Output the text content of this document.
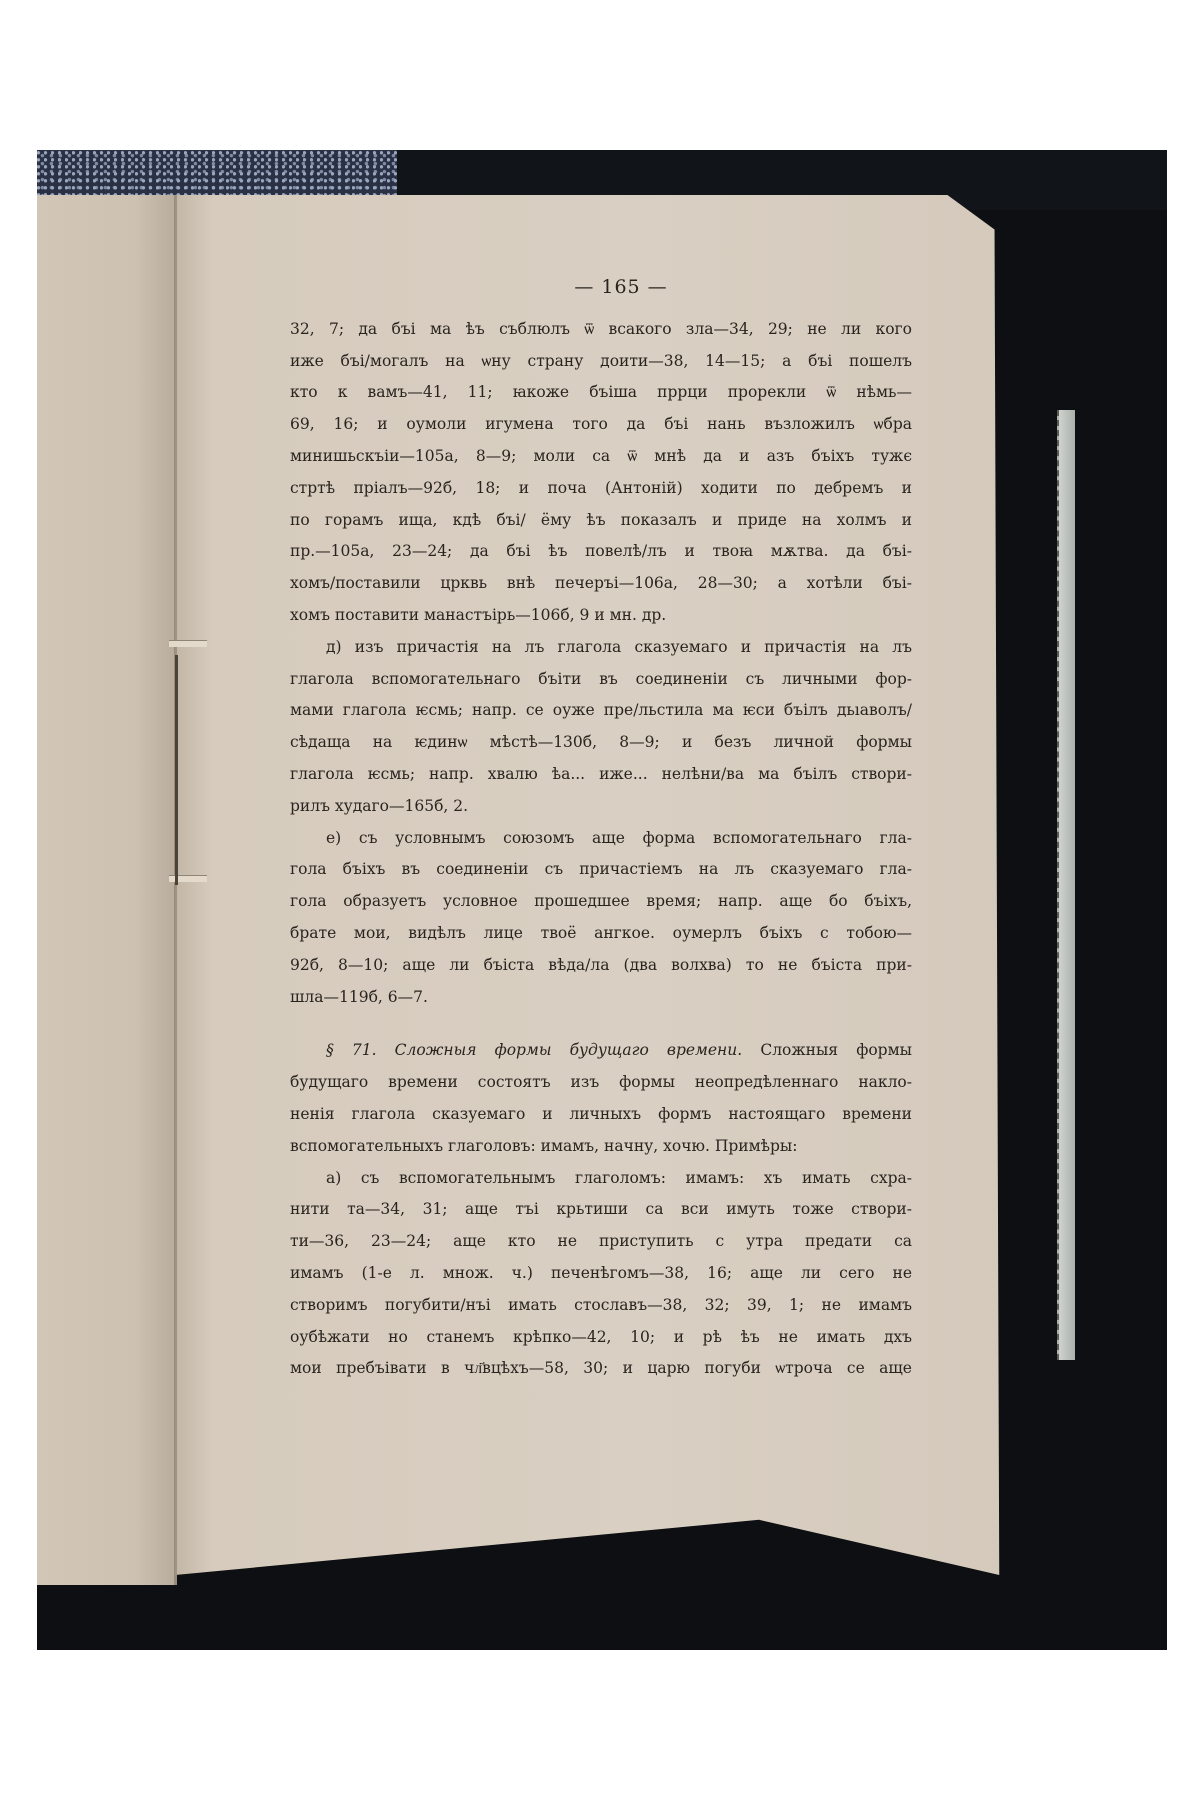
— 165 —
32, 7; да бъі ма ѣъ съблюлъ ѿ всакого зла—34, 29; не ли кого
иже бъі/могалъ на ѡну страну доити—38, 14—15; а бъі пошелъ
кто к вамъ—41, 11; ꙗкоже бъіша пррци прорекли ѿ нѣмь—
69, 16; и оумоли игумена того да бъі нань възложилъ ѡбра
минишьскъіи—105а, 8—9; моли са ѿ мнѣ да и азъ бъіхъ тужє
стртѣ прiалъ—92б, 18; и поча (Антоній) ходити по дебремъ и
по горамъ ища, кдѣ бъі/ ёму ѣъ показалъ и приде на холмъ и
пр.—105а, 23—24; да бъі ѣъ повелѣ/лъ и твоꙗ мѫтва. да бъі-
хомъ/поставили црквь внѣ печеръі—106а, 28—30; а хотѣли бъі-
хомъ поставити манастъірь—106б, 9 и мн. др.
д) изъ причастія на лъ глагола сказуемаго и причастія на лъ
глагола вспомогательнаго бъіти въ соединеніи съ личными фор-
мами глагола ѥсмь; напр. се оуже пре/льстила ма ѥси бъілъ дьıаволъ/
сѣдаща на ѥдинѡ мѣстѣ—130б, 8—9; и безъ личной формы
глагола ѥсмь; напр. хвалю ѣа... иже... нелѣни/ва ма бъілъ створи-
рилъ худаго—165б, 2.
е) съ условнымъ союзомъ аще форма вспомогательнаго гла-
гола бъіхъ въ соединеніи съ причастіемъ на лъ сказуемаго гла-
гола образуетъ условное прошедшее время; напр. аще бо бъіхъ,
брате мои, видѣлъ лице твоё ангкое. оумерлъ бъіхъ с тобою—
92б, 8—10; аще ли бъіста вѣда/ла (два волхва) то не бъіста при-
шла—119б, 6—7.
§ 71. Сложныя формы будущаго времени. Сложныя формы
будущаго времени состоятъ изъ формы неопредѣленнаго накло-
ненія глагола сказуемаго и личныхъ формъ настоящаго времени
вспомогательныхъ глаголовъ: имамъ, начну, хочю. Примѣры:
а) съ вспомогательнымъ глаголомъ: имамъ: хъ имать схра-
нити та—34, 31; аще тъі крьтиши са вси имуть тоже створи-
ти—36, 23—24; аще кто не приступить с утра предати са
имамъ (1-е л. множ. ч.) печенѣгомъ—38, 16; аще ли сего не
створимъ погубити/нъі имать стославъ—38, 32; 39, 1; не имамъ
оубѣжати но станемъ крѣпко—42, 10; и рѣ ѣъ не имать дхъ
мои пребъівати в чл҃вцѣхъ—58, 30; и царю погуби ѡтроча се аще
